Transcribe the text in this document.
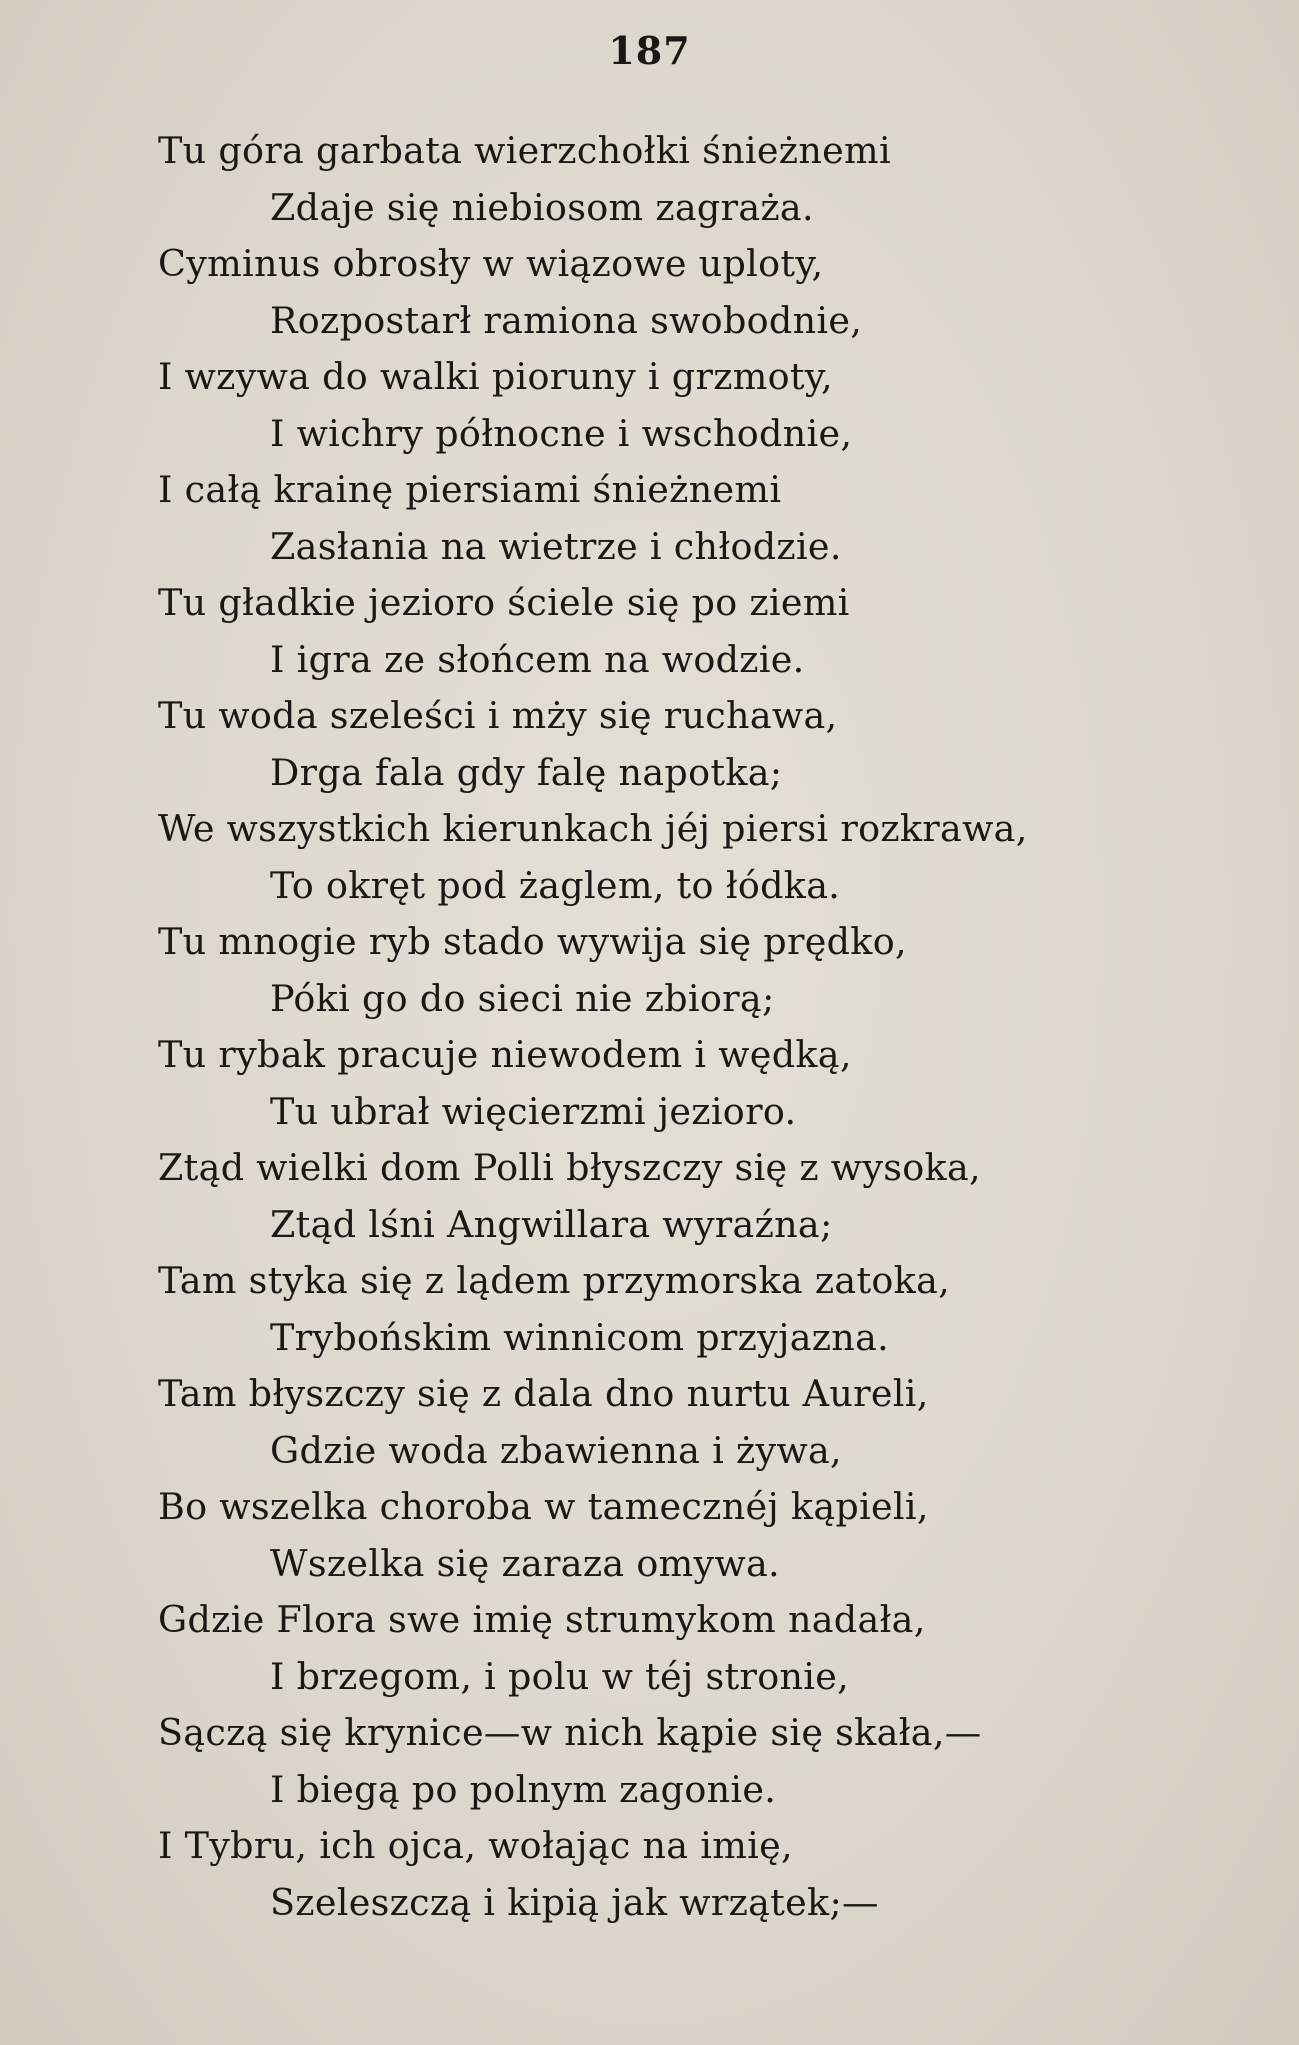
187
Tu góra garbata wierzchołki śnieżnemi
Zdaje się niebiosom zagraża.
Cyminus obrosły w wiązowe uploty,
Rozpostarł ramiona swobodnie,
I wzywa do walki pioruny i grzmoty,
I wichry północne i wschodnie,
I całą krainę piersiami śnieżnemi
Zasłania na wietrze i chłodzie.
Tu gładkie jezioro ściele się po ziemi
I igra ze słońcem na wodzie.
Tu woda szeleści i mży się ruchawa,
Drga fala gdy falę napotka;
We wszystkich kierunkach jéj piersi rozkrawa,
To okręt pod żaglem, to łódka.
Tu mnogie ryb stado wywija się prędko,
Póki go do sieci nie zbiorą;
Tu rybak pracuje niewodem i wędką,
Tu ubrał więcierzmi jezioro.
Ztąd wielki dom Polli błyszczy się z wysoka,
Ztąd lśni Angwillara wyraźna;
Tam styka się z lądem przymorska zatoka,
Trybońskim winnicom przyjazna.
Tam błyszczy się z dala dno nurtu Aureli,
Gdzie woda zbawienna i żywa,
Bo wszelka choroba w tamecznéj kąpieli,
Wszelka się zaraza omywa.
Gdzie Flora swe imię strumykom nadała,
I brzegom, i polu w téj stronie,
Sączą się krynice—w nich kąpie się skała,—
I biegą po polnym zagonie.
I Tybru, ich ojca, wołając na imię,
Szeleszczą i kipią jak wrzątek;—
